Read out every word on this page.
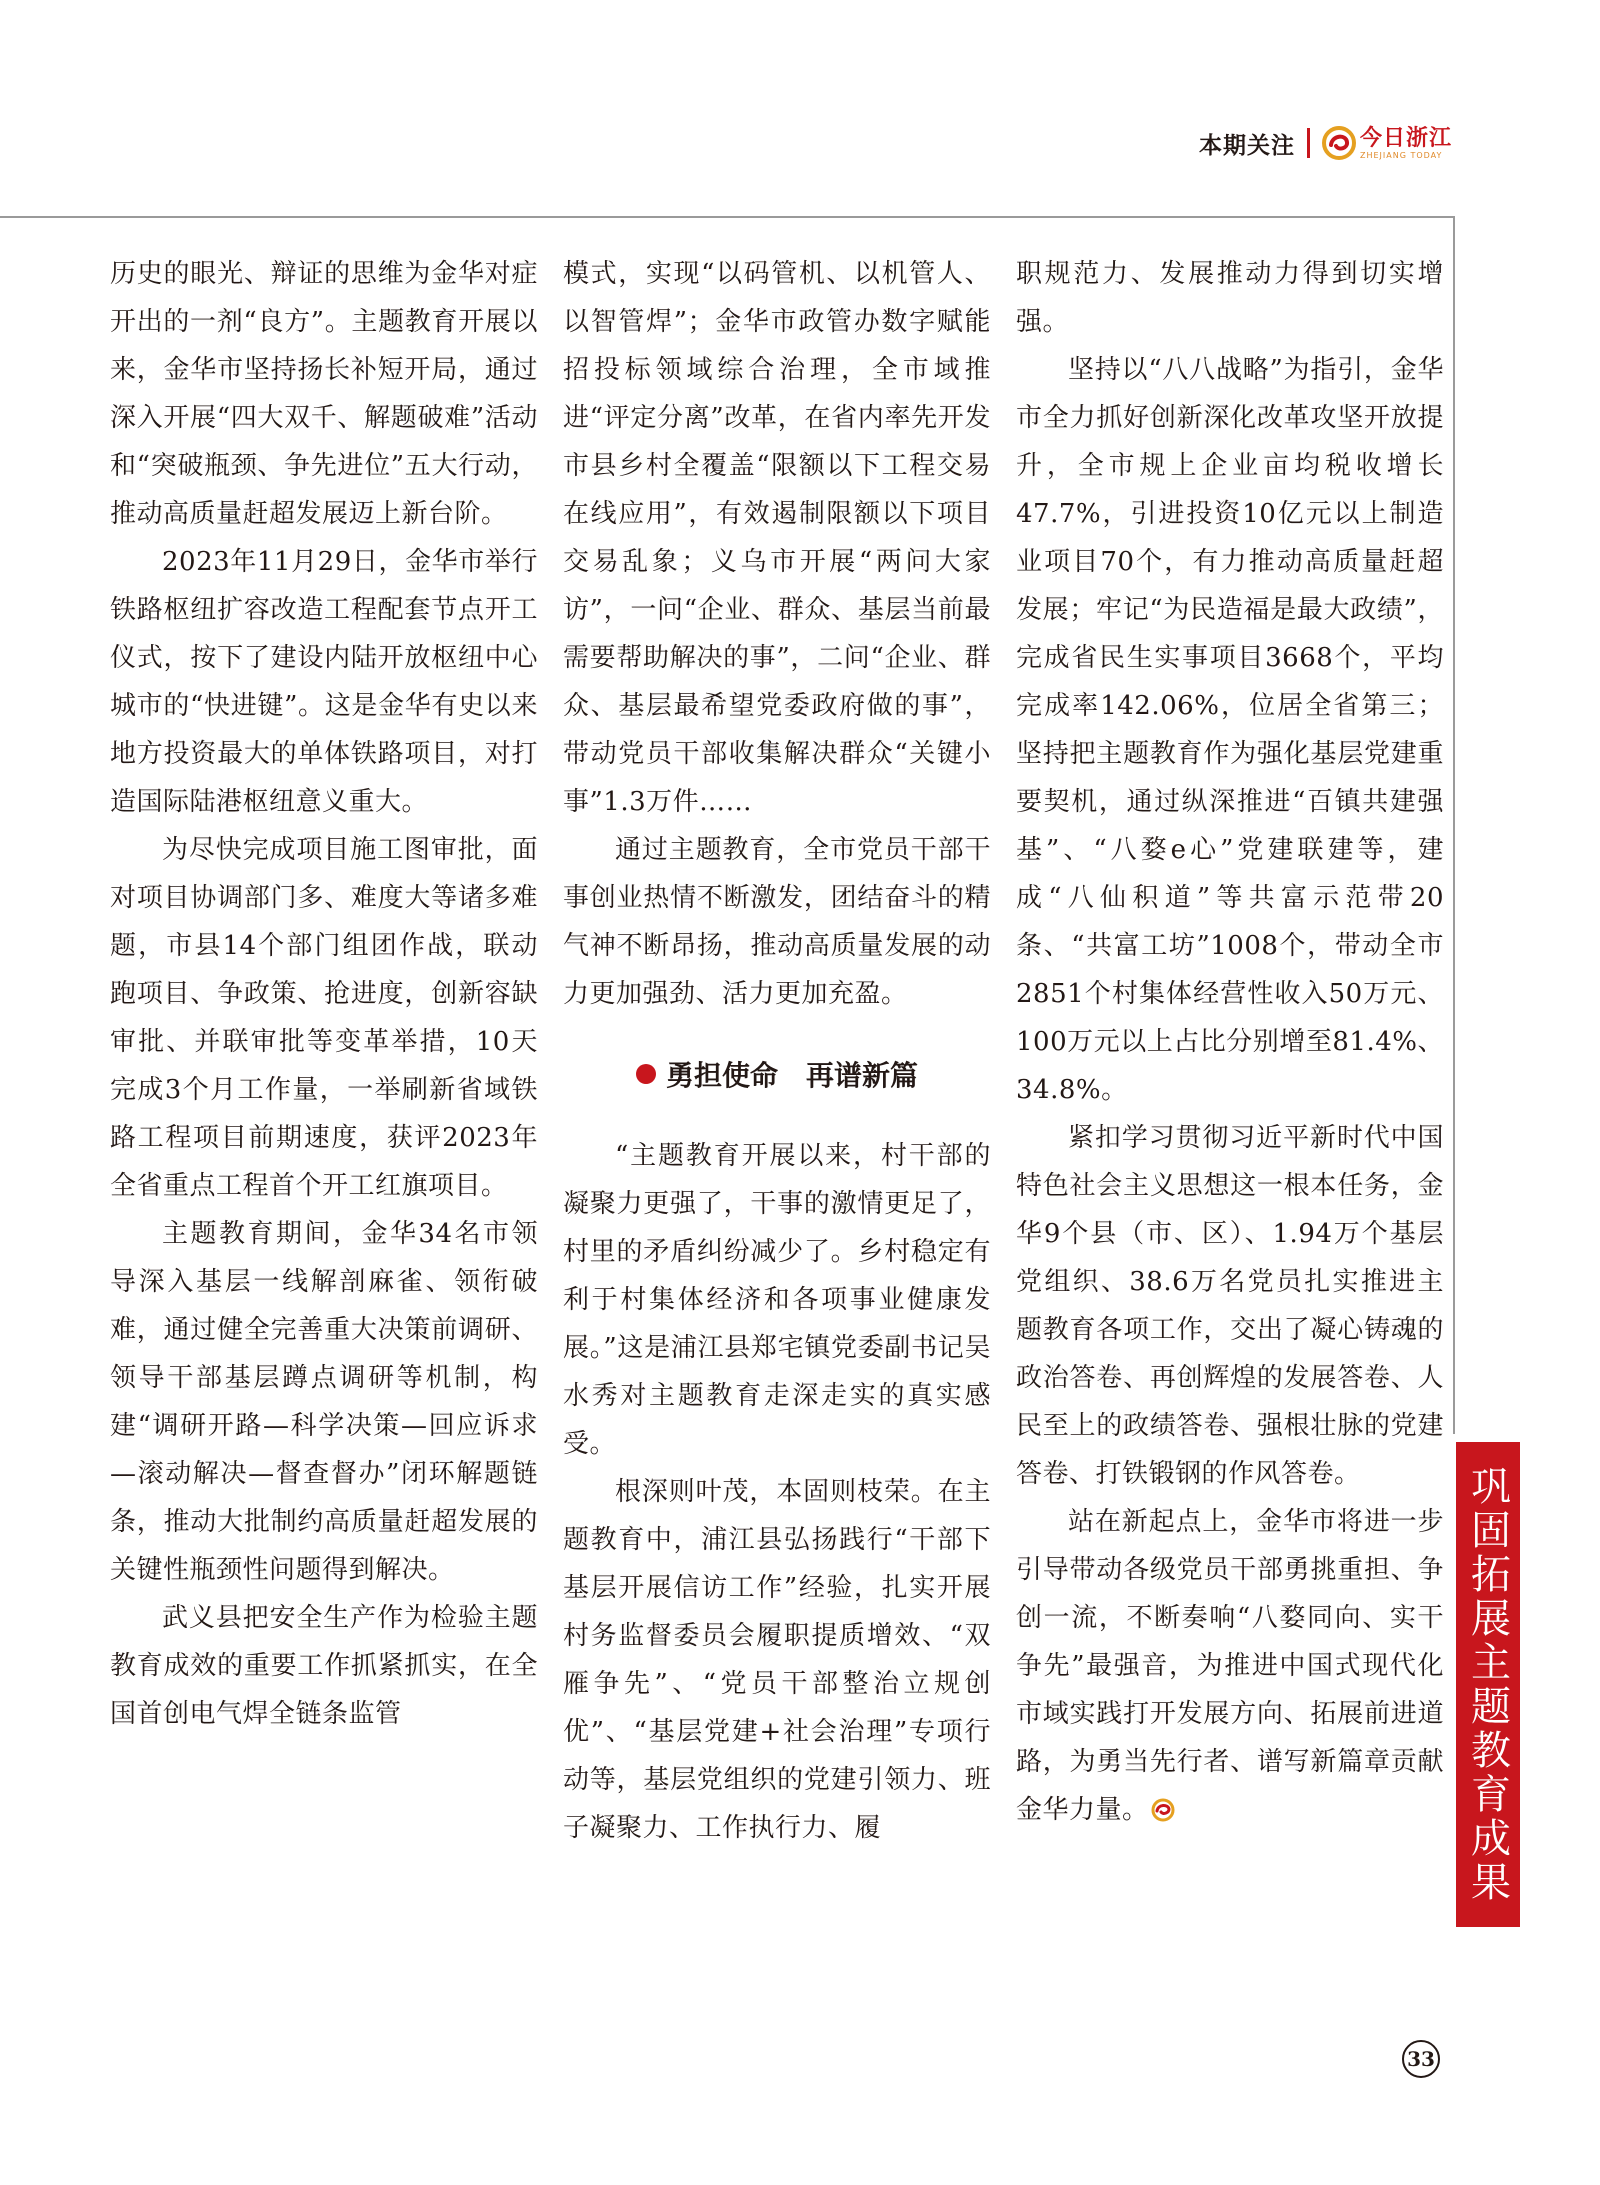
本期关注	今日浙江
ZHEJIANG TODAY

历史的眼光、辩证的思维为金华对症开出的一剂“良方”。主题教育开展以来，金华市坚持扬长补短开局，通过深入开展“四大双千、解题破难”活动和“突破瓶颈、争先进位”五大行动，推动高质量赶超发展迈上新台阶。

2023年11月29日，金华市举行铁路枢纽扩容改造工程配套节点开工仪式，按下了建设内陆开放枢纽中心城市的“快进键”。这是金华有史以来地方投资最大的单体铁路项目，对打造国际陆港枢纽意义重大。

为尽快完成项目施工图审批，面对项目协调部门多、难度大等诸多难题，市县14个部门组团作战，联动跑项目、争政策、抢进度，创新容缺审批、并联审批等变革举措，10天完成3个月工作量，一举刷新省域铁路工程项目前期速度，获评2023年全省重点工程首个开工红旗项目。

主题教育期间，金华34名市领导深入基层一线解剖麻雀、领衔破难，通过健全完善重大决策前调研、领导干部基层蹲点调研等机制，构建“调研开路—科学决策—回应诉求—滚动解决—督查督办”闭环解题链条，推动大批制约高质量赶超发展的关键性瓶颈性问题得到解决。

武义县把安全生产作为检验主题教育成效的重要工作抓紧抓实，在全国首创电气焊全链条监管

模式，实现“以码管机、以机管人、以智管焊”；金华市政管办数字赋能招投标领域综合治理，全市域推进“评定分离”改革，在省内率先开发市县乡村全覆盖“限额以下工程交易在线应用”，有效遏制限额以下项目交易乱象；义乌市开展“两问大家访”，一问“企业、群众、基层当前最需要帮助解决的事”，二问“企业、群众、基层最希望党委政府做的事”，带动党员干部收集解决群众“关键小事”1.3万件……

通过主题教育，全市党员干部干事创业热情不断激发，团结奋斗的精气神不断昂扬，推动高质量发展的动力更加强劲、活力更加充盈。

勇担使命　再谱新篇

“主题教育开展以来，村干部的凝聚力更强了，干事的激情更足了，村里的矛盾纠纷减少了。乡村稳定有利于村集体经济和各项事业健康发展。”这是浦江县郑宅镇党委副书记吴水秀对主题教育走深走实的真实感受。

根深则叶茂，本固则枝荣。在主题教育中，浦江县弘扬践行“干部下基层开展信访工作”经验，扎实开展村务监督委员会履职提质增效、“双雁争先”、“党员干部整治立规创优”、“基层党建+社会治理”专项行动等，基层党组织的党建引领力、班子凝聚力、工作执行力、履

职规范力、发展推动力得到切实增强。

坚持以“八八战略”为指引，金华市全力抓好创新深化改革攻坚开放提升，全市规上企业亩均税收增长47.7%，引进投资10亿元以上制造业项目70个，有力推动高质量赶超发展；牢记“为民造福是最大政绩”，完成省民生实事项目3668个，平均完成率142.06%，位居全省第三；坚持把主题教育作为强化基层党建重要契机，通过纵深推进“百镇共建强基”、“八婺e心”党建联建等，建成“八仙积道”等共富示范带20条、“共富工坊”1008个，带动全市2851个村集体经营性收入50万元、100万元以上占比分别增至81.4%、34.8%。

紧扣学习贯彻习近平新时代中国特色社会主义思想这一根本任务，金华9个县（市、区）、1.94万个基层党组织、38.6万名党员扎实推进主题教育各项工作，交出了凝心铸魂的政治答卷、再创辉煌的发展答卷、人民至上的政绩答卷、强根壮脉的党建答卷、打铁锻钢的作风答卷。

站在新起点上，金华市将进一步引导带动各级党员干部勇挑重担、争创一流，不断奏响“八婺同向、实干争先”最强音，为推进中国式现代化市域实践打开发展方向、拓展前进道路，为勇当先行者、谱写新篇章贡献金华力量。	巩固拓展主题教育成果
33
